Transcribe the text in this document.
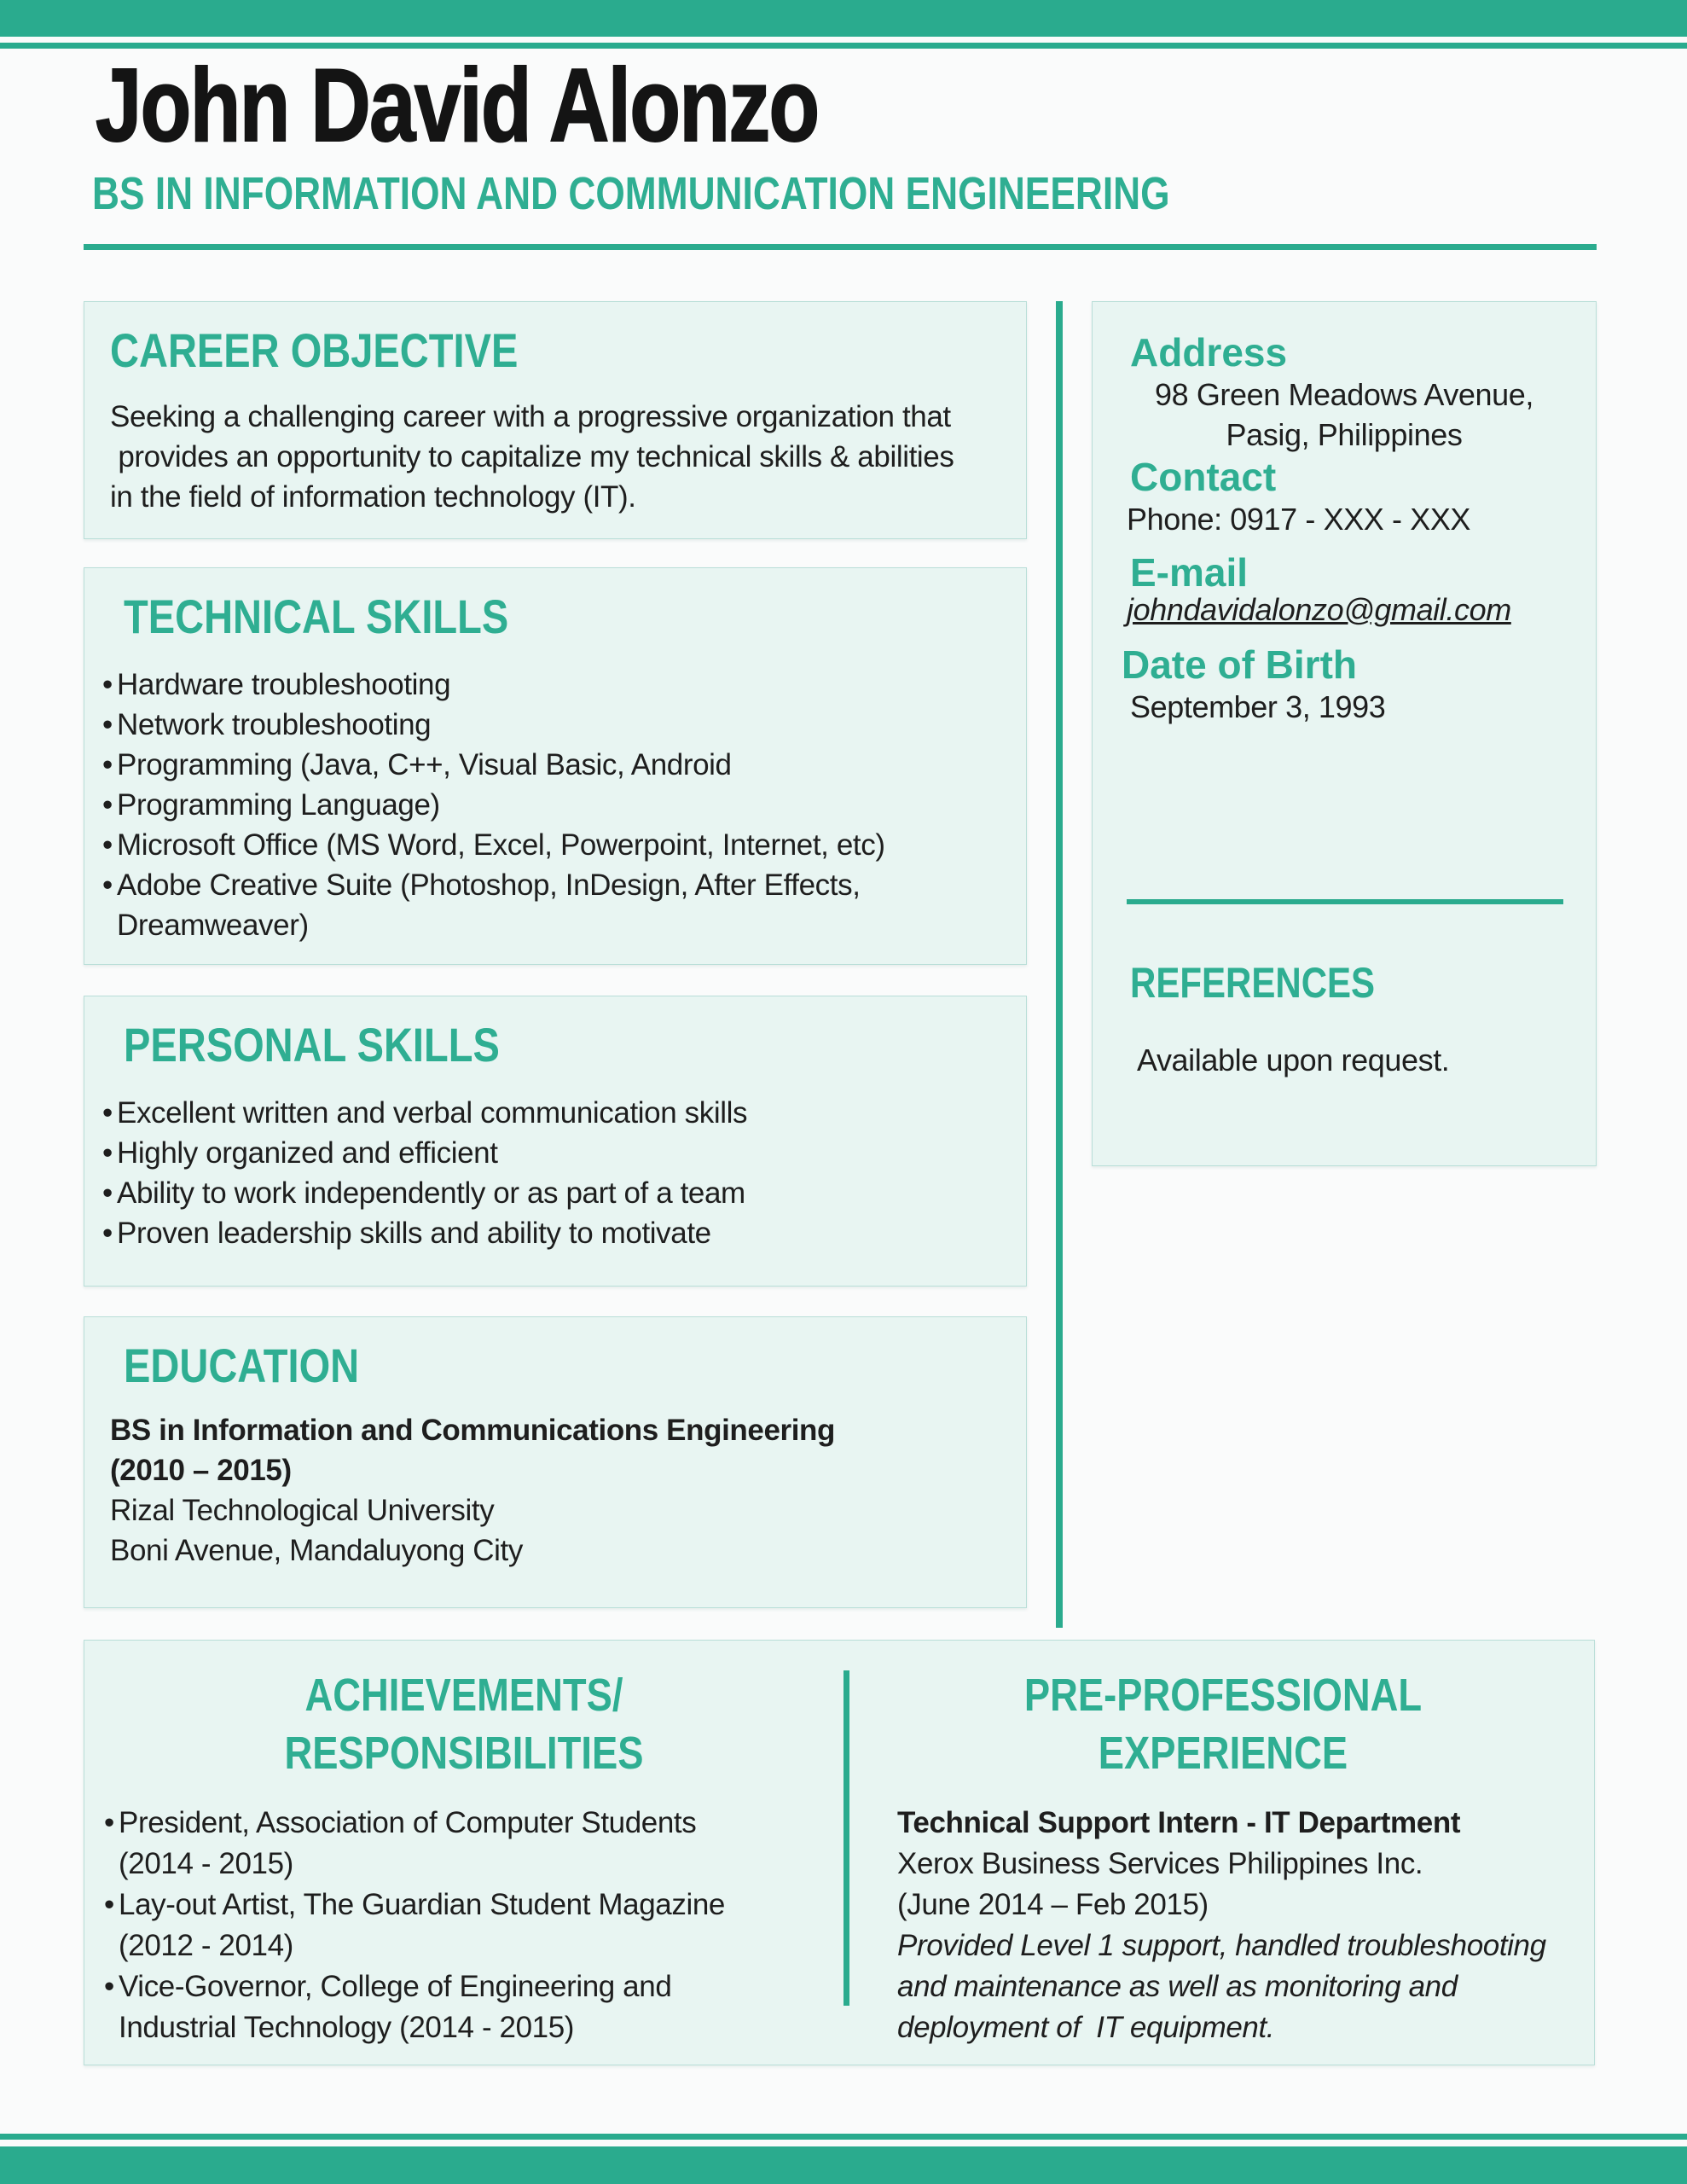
John David Alonzo
BS IN INFORMATION AND COMMUNICATION ENGINEERING
CAREER OBJECTIVE
Seeking a challenging career with a progressive organization that
provides an opportunity to capitalize my technical skills & abilities
in the field of information technology (IT).
TECHNICAL SKILLS
• Hardware troubleshooting
• Network troubleshooting
• Programming (Java, C++, Visual Basic, Android
• Programming Language)
• Microsoft Office (MS Word, Excel, Powerpoint, Internet, etc)
• Adobe Creative Suite (Photoshop, InDesign, After Effects,
Dreamweaver)
PERSONAL SKILLS
• Excellent written and verbal communication skills
• Highly organized and efficient
• Ability to work independently or as part of a team
• Proven leadership skills and ability to motivate
EDUCATION
BS in Information and Communications Engineering
(2010 – 2015)
Rizal Technological University
Boni Avenue, Mandaluyong City
Address
98 Green Meadows Avenue,
Pasig, Philippines
Contact
Phone: 0917 - XXX - XXX
E-mail
johndavidalonzo@gmail.com
Date of Birth
September 3, 1993
REFERENCES
Available upon request.
ACHIEVEMENTS/
RESPONSIBILITIES
• President, Association of Computer Students
(2014 - 2015)
• Lay-out Artist, The Guardian Student Magazine
(2012 - 2014)
• Vice-Governor, College of Engineering and
Industrial Technology (2014 - 2015)
PRE-PROFESSIONAL
EXPERIENCE
Technical Support Intern - IT Department
Xerox Business Services Philippines Inc.
(June 2014 – Feb 2015)
Provided Level 1 support, handled troubleshooting
and maintenance as well as monitoring and
deployment of  IT equipment.
